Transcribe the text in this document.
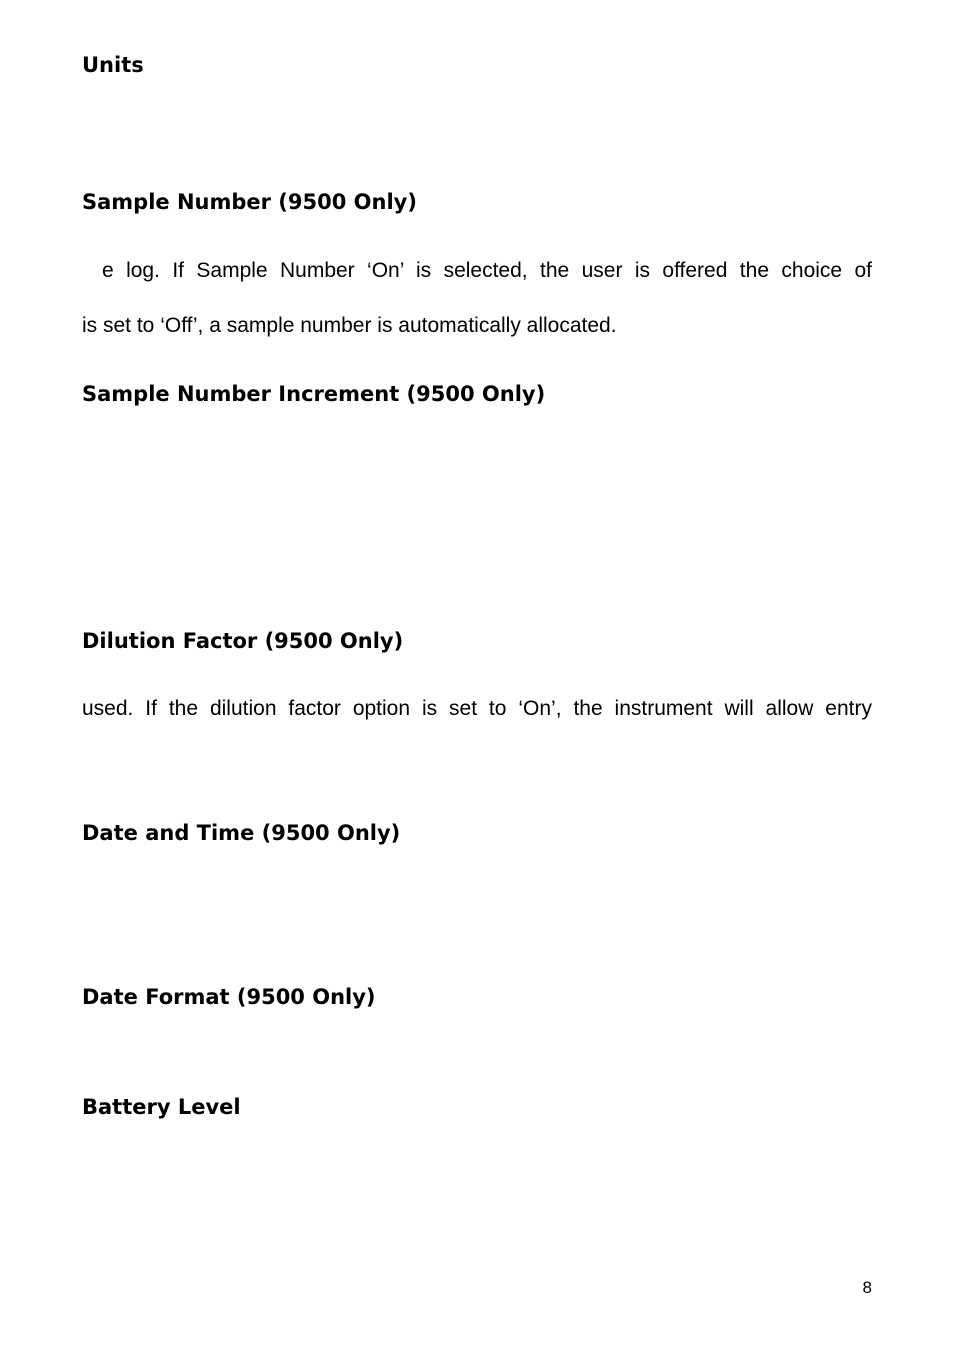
Units
Sample Number (9500 Only)

e log. If Sample Number ‘On’ is selected, the user is offered the choice of

is set to ‘Off’, a sample number is automatically allocated.

Sample Number Increment (9500 Only)
Dilution Factor (9500 Only)

used. If the dilution factor option is set to ‘On’, the instrument will allow entry

Date and Time (9500 Only)
Date Format (9500 Only)
Battery Level

8
